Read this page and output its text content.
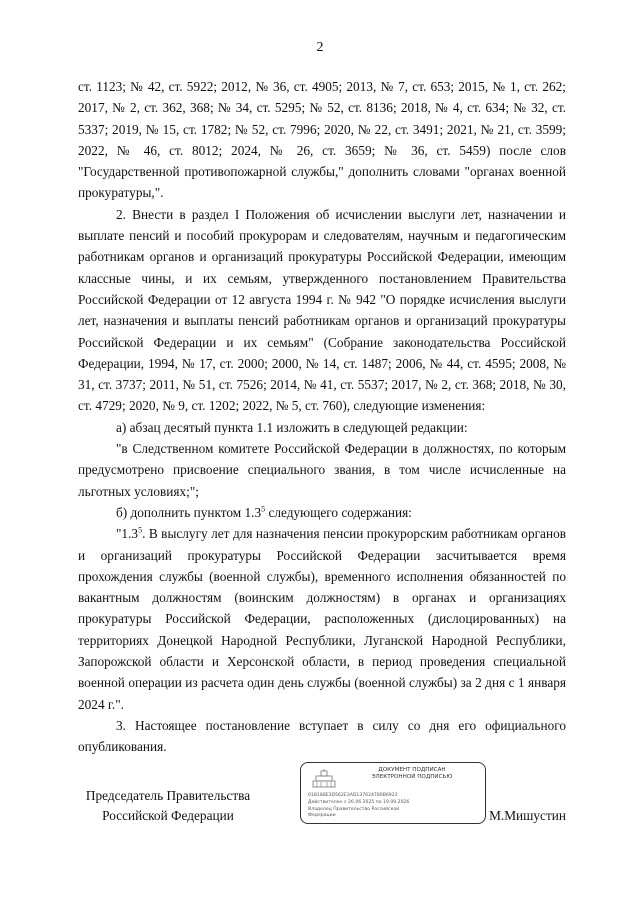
2

ст. 1123; № 42, ст. 5922; 2012, № 36, ст. 4905; 2013, № 7, ст. 653; 2015, № 1, ст. 262; 2017, № 2, ст. 362, 368; № 34, ст. 5295; № 52, ст. 8136; 2018, № 4, ст. 634; № 32, ст. 5337; 2019, № 15, ст. 1782; № 52, ст. 7996; 2020, № 22, ст. 3491; 2021, № 21, ст. 3599; 2022, № 46, ст. 8012; 2024, № 26, ст. 3659; № 36, ст. 5459) после слов "Государственной противопожарной службы," дополнить словами "органах военной прокуратуры,".

2. Внести в раздел I Положения об исчислении выслуги лет, назначении и выплате пенсий и пособий прокурорам и следователям, научным и педагогическим работникам органов и организаций прокуратуры Российской Федерации, имеющим классные чины, и их семьям, утвержденного постановлением Правительства Российской Федерации от 12 августа 1994 г. № 942 "О порядке исчисления выслуги лет, назначения и выплаты пенсий работникам органов и организаций прокуратуры Российской Федерации и их семьям" (Собрание законодательства Российской Федерации, 1994, № 17, ст. 2000; 2000, № 14, ст. 1487; 2006, № 44, ст. 4595; 2008, № 31, ст. 3737; 2011, № 51, ст. 7526; 2014, № 41, ст. 5537; 2017, № 2, ст. 368; 2018, № 30, ст. 4729; 2020, № 9, ст. 1202; 2022, № 5, ст. 760), следующие изменения:

а) абзац десятый пункта 1.1 изложить в следующей редакции:

"в Следственном комитете Российской Федерации в должностях, по которым предусмотрено присвоение специального звания, в том числе исчисленные на льготных условиях;";

б) дополнить пунктом $1.3^5$ следующего содержания:

"$1.3^5$. В выслугу лет для назначения пенсии прокурорским работникам органов и организаций прокуратуры Российской Федерации засчитывается время прохождения службы (военной службы), временного исполнения обязанностей по вакантным должностям (воинским должностям) в органах и организациях прокуратуры Российской Федерации, расположенных (дислоцированных) на территориях Донецкой Народной Республики, Луганской Народной Республики, Запорожской области и Херсонской области, в период проведения специальной военной операции из расчета один день службы (военной службы) за 2 дня с 1 января 2024 г.".

3. Настоящее постановление вступает в силу со дня его официального опубликования.

Председатель Правительства
Российской Федерации
ДОКУМЕНТ ПОДПИСАН
ЭЛЕКТРОННОЙ ПОДПИСЬЮ
01B188E3D562E3AD137624780B6923
Действителен с 26.06.2025 по 19.09.2026
Владелец Правительство Российской
Федерации	М.Мишустин
